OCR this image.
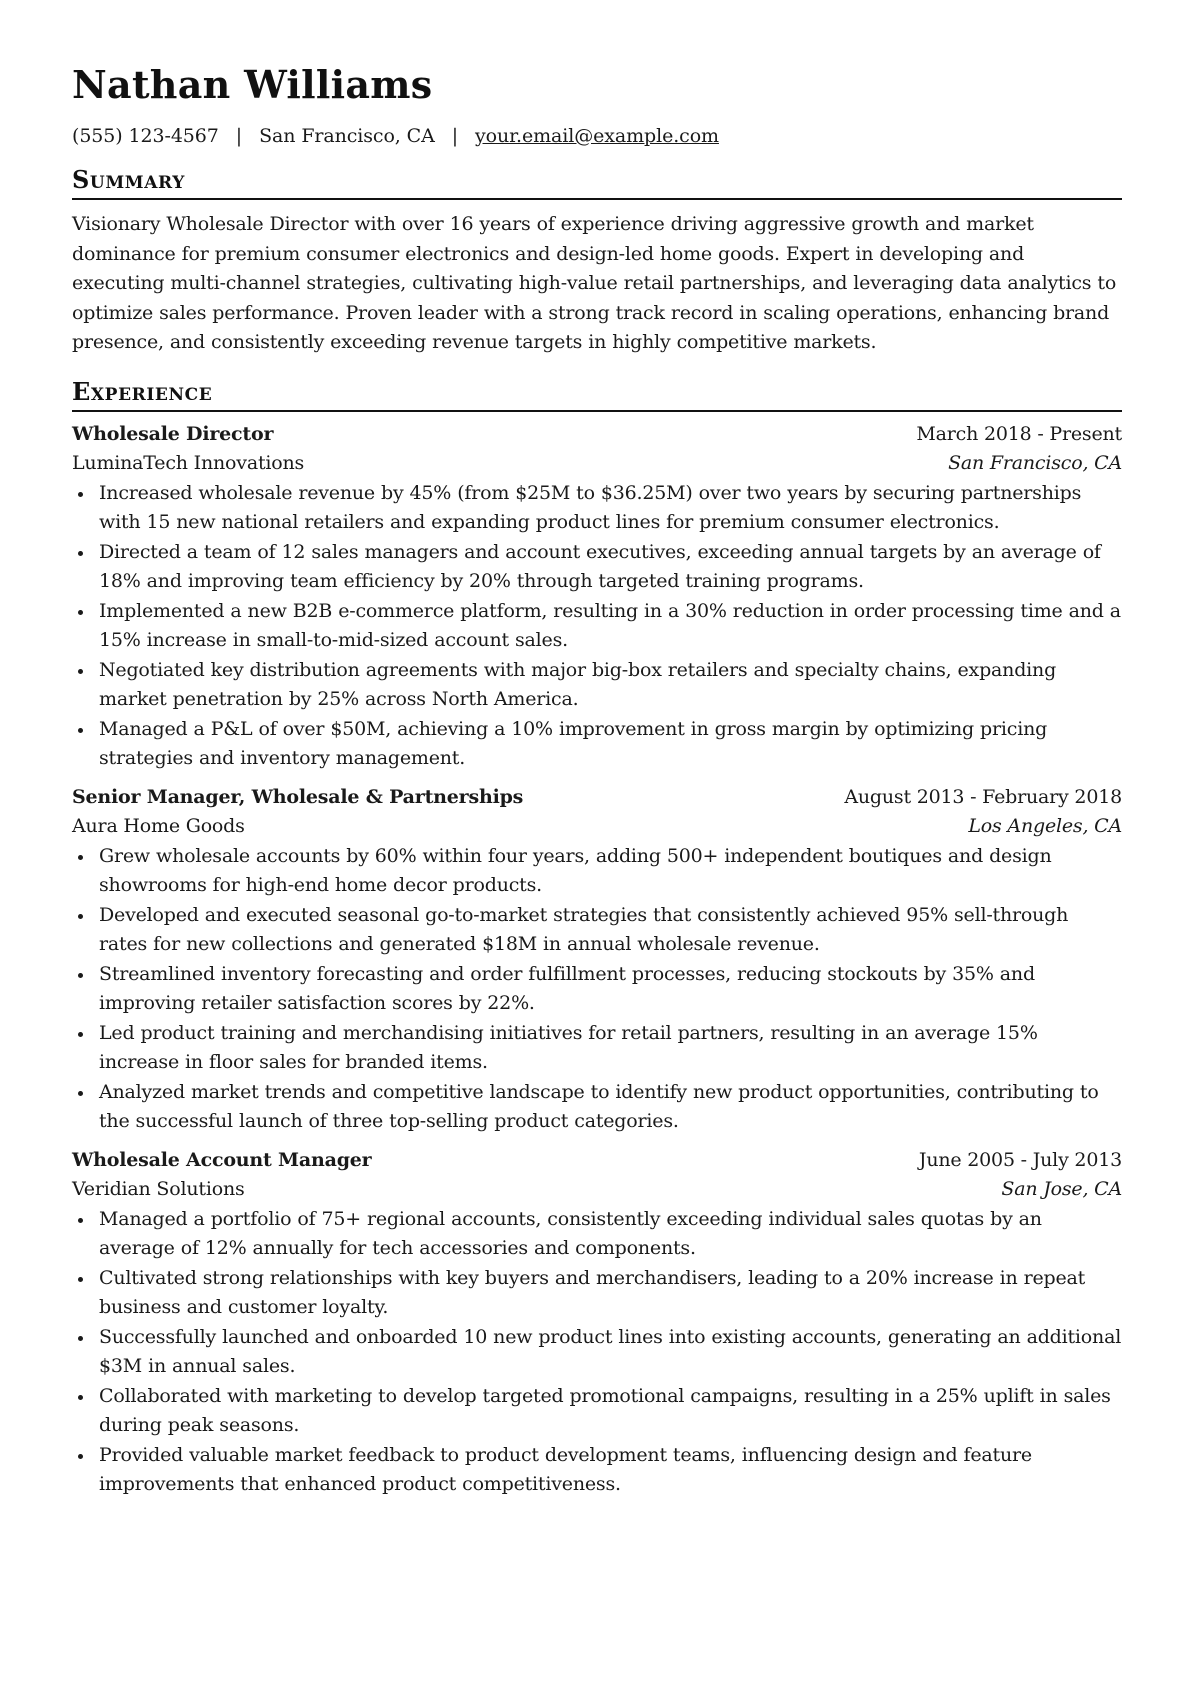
Nathan Williams
(555) 123-4567 | San Francisco, CA | your.email@example.com
Summary
Visionary Wholesale Director with over 16 years of experience driving aggressive growth and market dominance for premium consumer electronics and design-led home goods. Expert in developing and executing multi-channel strategies, cultivating high-value retail partnerships, and leveraging data analytics to optimize sales performance. Proven leader with a strong track record in scaling operations, enhancing brand presence, and consistently exceeding revenue targets in highly competitive markets.
Experience
Wholesale Director	March 2018 - Present
LuminaTech Innovations	San Francisco, CA
Increased wholesale revenue by 45% (from $25M to $36.25M) over two years by securing partnerships with 15 new national retailers and expanding product lines for premium consumer electronics.
Directed a team of 12 sales managers and account executives, exceeding annual targets by an average of 18% and improving team efficiency by 20% through targeted training programs.
Implemented a new B2B e-commerce platform, resulting in a 30% reduction in order processing time and a 15% increase in small-to-mid-sized account sales.
Negotiated key distribution agreements with major big-box retailers and specialty chains, expanding market penetration by 25% across North America.
Managed a P&L of over $50M, achieving a 10% improvement in gross margin by optimizing pricing strategies and inventory management.
Senior Manager, Wholesale & Partnerships	August 2013 - February 2018
Aura Home Goods	Los Angeles, CA
Grew wholesale accounts by 60% within four years, adding 500+ independent boutiques and design showrooms for high-end home decor products.
Developed and executed seasonal go-to-market strategies that consistently achieved 95% sell-through rates for new collections and generated $18M in annual wholesale revenue.
Streamlined inventory forecasting and order fulfillment processes, reducing stockouts by 35% and improving retailer satisfaction scores by 22%.
Led product training and merchandising initiatives for retail partners, resulting in an average 15% increase in floor sales for branded items.
Analyzed market trends and competitive landscape to identify new product opportunities, contributing to the successful launch of three top-selling product categories.
Wholesale Account Manager	June 2005 - July 2013
Veridian Solutions	San Jose, CA
Managed a portfolio of 75+ regional accounts, consistently exceeding individual sales quotas by an average of 12% annually for tech accessories and components.
Cultivated strong relationships with key buyers and merchandisers, leading to a 20% increase in repeat business and customer loyalty.
Successfully launched and onboarded 10 new product lines into existing accounts, generating an additional $3M in annual sales.
Collaborated with marketing to develop targeted promotional campaigns, resulting in a 25% uplift in sales during peak seasons.
Provided valuable market feedback to product development teams, influencing design and feature improvements that enhanced product competitiveness.
